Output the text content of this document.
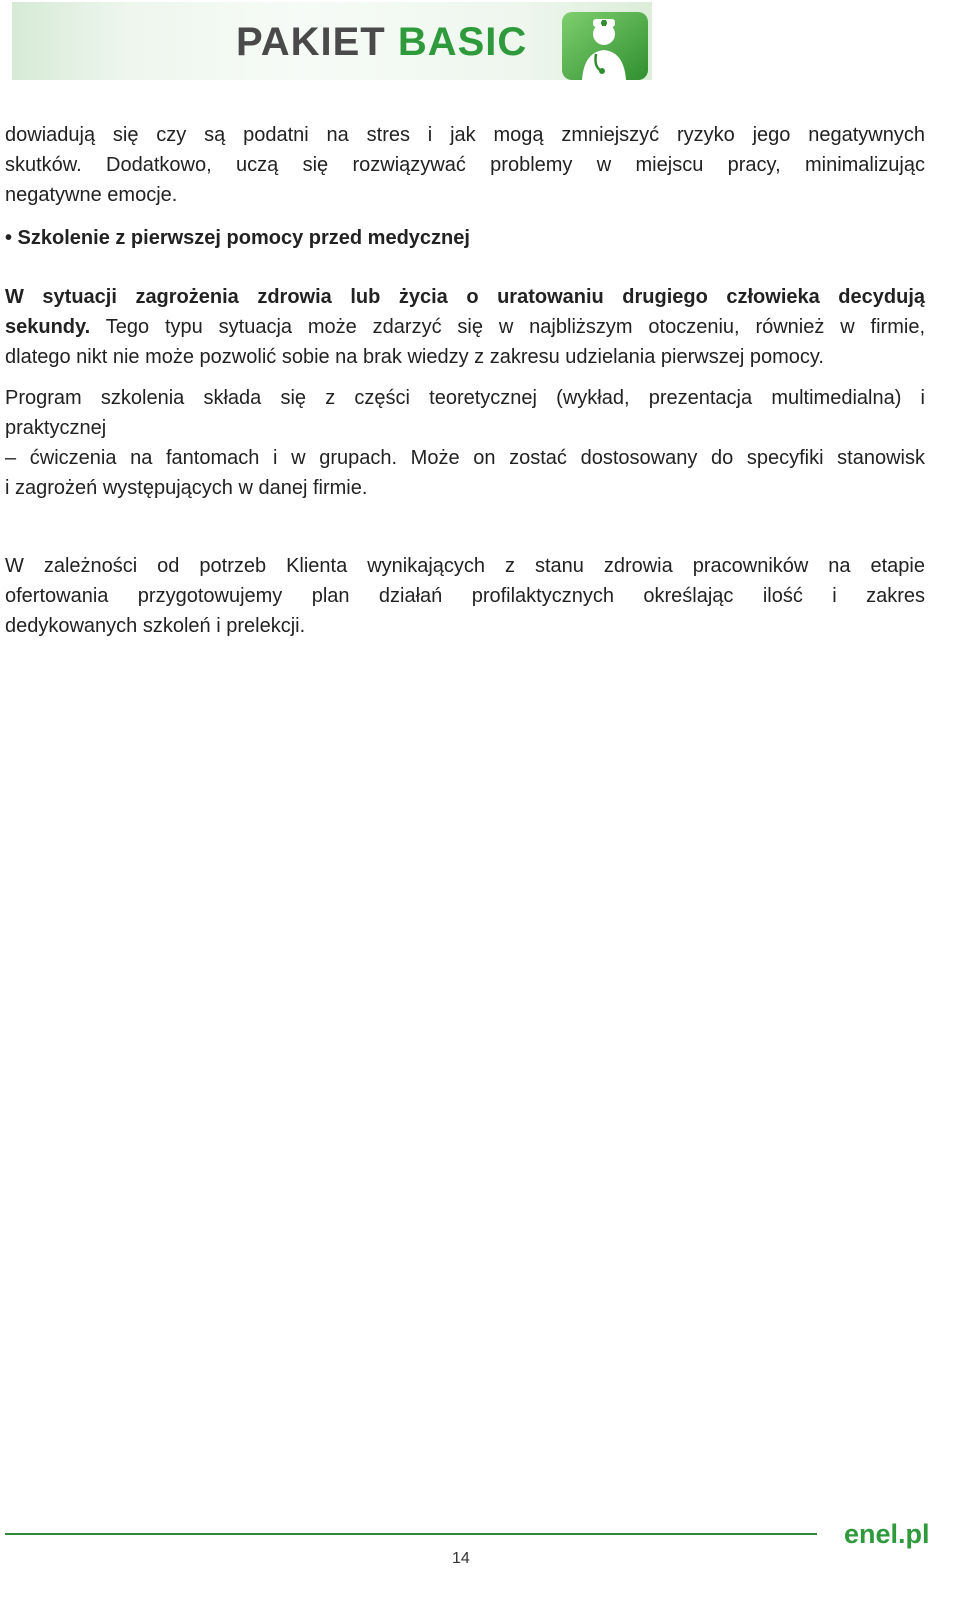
PAKIET BASIC

dowiadują się czy są podatni na stres i jak mogą zmniejszyć ryzyko jego negatywnych
skutków. Dodatkowo, uczą się rozwiązywać problemy w miejscu pracy, minimalizując
negatywne emocje.

• Szkolenie z pierwszej pomocy przed medycznej

W sytuacji zagrożenia zdrowia lub życia o uratowaniu drugiego człowieka decydują
sekundy. Tego typu sytuacja może zdarzyć się w najbliższym otoczeniu, również w firmie,
dlatego nikt nie może pozwolić sobie na brak wiedzy z zakresu udzielania pierwszej pomocy.

Program szkolenia składa się z części teoretycznej (wykład, prezentacja multimedialna) i
praktycznej
– ćwiczenia na fantomach i w grupach. Może on zostać dostosowany do specyfiki stanowisk
i zagrożeń występujących w danej firmie.

W zależności od potrzeb Klienta wynikających z stanu zdrowia pracowników na etapie
ofertowania przygotowujemy plan działań profilaktycznych określając ilość i zakres
dedykowanych szkoleń i prelekcji.

enel.pl
14
